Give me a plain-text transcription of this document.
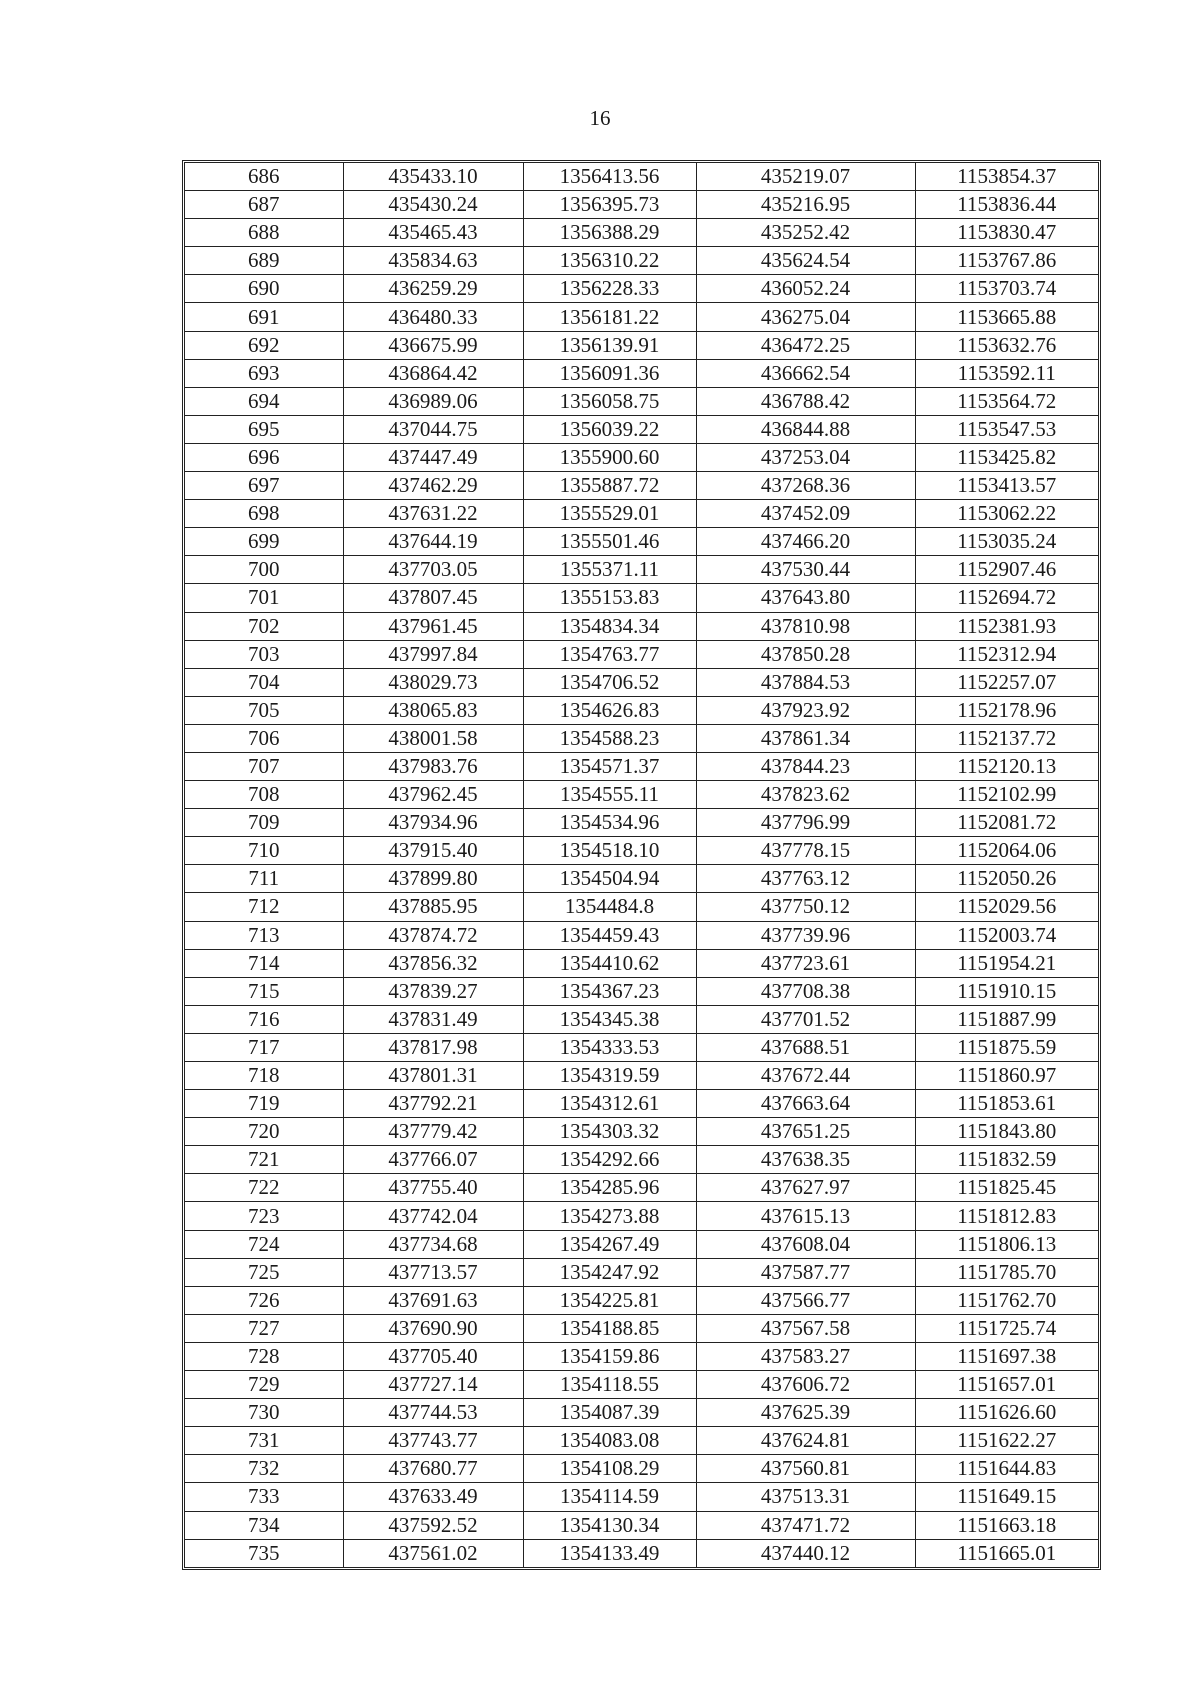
16
686	435433.10	1356413.56	435219.07	1153854.37
687	435430.24	1356395.73	435216.95	1153836.44
688	435465.43	1356388.29	435252.42	1153830.47
689	435834.63	1356310.22	435624.54	1153767.86
690	436259.29	1356228.33	436052.24	1153703.74
691	436480.33	1356181.22	436275.04	1153665.88
692	436675.99	1356139.91	436472.25	1153632.76
693	436864.42	1356091.36	436662.54	1153592.11
694	436989.06	1356058.75	436788.42	1153564.72
695	437044.75	1356039.22	436844.88	1153547.53
696	437447.49	1355900.60	437253.04	1153425.82
697	437462.29	1355887.72	437268.36	1153413.57
698	437631.22	1355529.01	437452.09	1153062.22
699	437644.19	1355501.46	437466.20	1153035.24
700	437703.05	1355371.11	437530.44	1152907.46
701	437807.45	1355153.83	437643.80	1152694.72
702	437961.45	1354834.34	437810.98	1152381.93
703	437997.84	1354763.77	437850.28	1152312.94
704	438029.73	1354706.52	437884.53	1152257.07
705	438065.83	1354626.83	437923.92	1152178.96
706	438001.58	1354588.23	437861.34	1152137.72
707	437983.76	1354571.37	437844.23	1152120.13
708	437962.45	1354555.11	437823.62	1152102.99
709	437934.96	1354534.96	437796.99	1152081.72
710	437915.40	1354518.10	437778.15	1152064.06
711	437899.80	1354504.94	437763.12	1152050.26
712	437885.95	1354484.8	437750.12	1152029.56
713	437874.72	1354459.43	437739.96	1152003.74
714	437856.32	1354410.62	437723.61	1151954.21
715	437839.27	1354367.23	437708.38	1151910.15
716	437831.49	1354345.38	437701.52	1151887.99
717	437817.98	1354333.53	437688.51	1151875.59
718	437801.31	1354319.59	437672.44	1151860.97
719	437792.21	1354312.61	437663.64	1151853.61
720	437779.42	1354303.32	437651.25	1151843.80
721	437766.07	1354292.66	437638.35	1151832.59
722	437755.40	1354285.96	437627.97	1151825.45
723	437742.04	1354273.88	437615.13	1151812.83
724	437734.68	1354267.49	437608.04	1151806.13
725	437713.57	1354247.92	437587.77	1151785.70
726	437691.63	1354225.81	437566.77	1151762.70
727	437690.90	1354188.85	437567.58	1151725.74
728	437705.40	1354159.86	437583.27	1151697.38
729	437727.14	1354118.55	437606.72	1151657.01
730	437744.53	1354087.39	437625.39	1151626.60
731	437743.77	1354083.08	437624.81	1151622.27
732	437680.77	1354108.29	437560.81	1151644.83
733	437633.49	1354114.59	437513.31	1151649.15
734	437592.52	1354130.34	437471.72	1151663.18
735	437561.02	1354133.49	437440.12	1151665.01
